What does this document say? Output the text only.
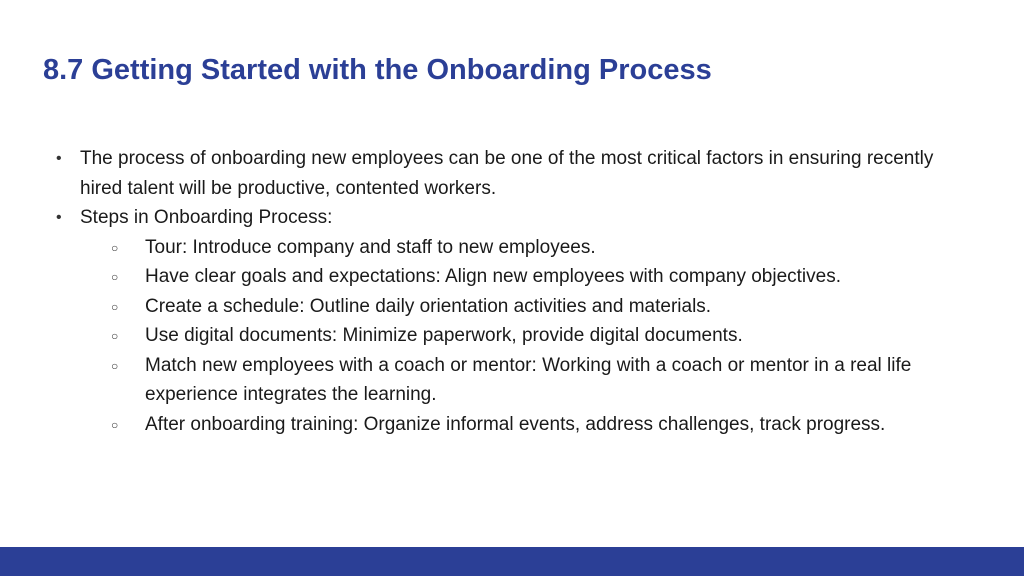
8.7 Getting Started with the Onboarding Process

• The process of onboarding new employees can be one of the most critical factors in ensuring recently hired talent will be productive, contented workers.

• Steps in Onboarding Process:

○ Tour: Introduce company and staff to new employees.

○ Have clear goals and expectations: Align new employees with company objectives.

○ Create a schedule: Outline daily orientation activities and materials.

○ Use digital documents: Minimize paperwork, provide digital documents.

○ Match new employees with a coach or mentor: Working with a coach or mentor in a real life experience integrates the learning.

○ After onboarding training: Organize informal events, address challenges, track progress.
